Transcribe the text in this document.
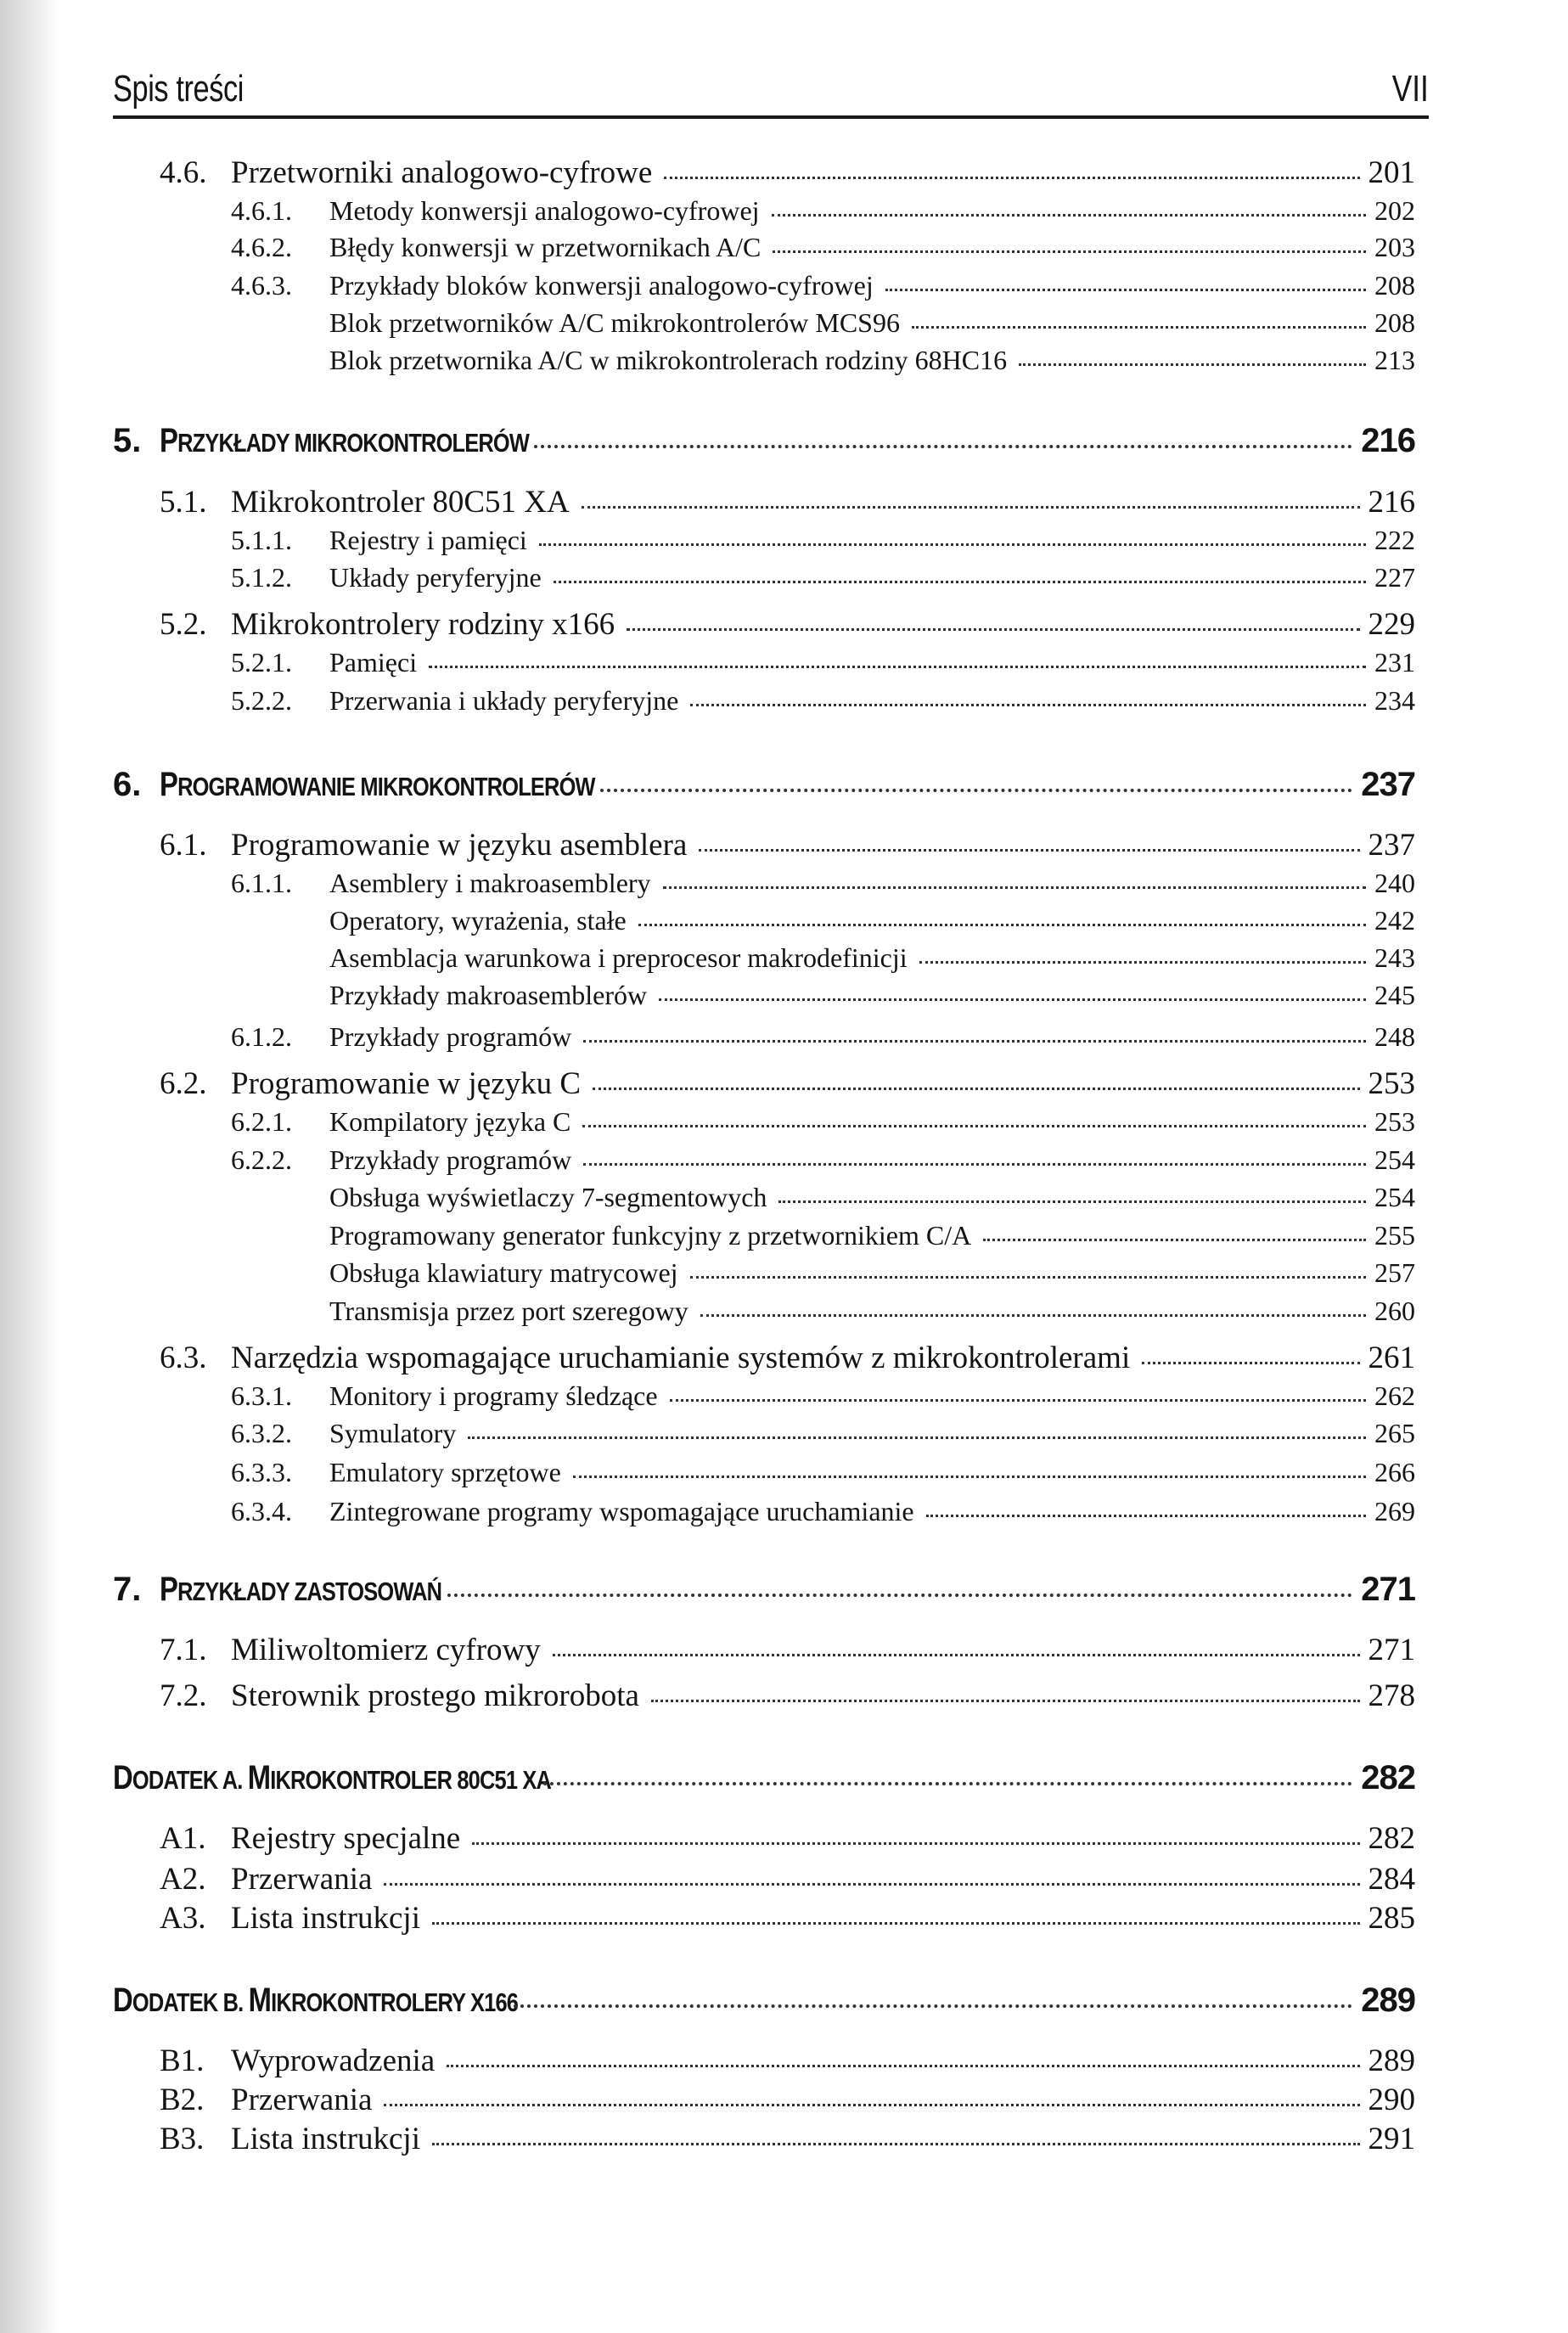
Spis treści	VII
4.6. Przetworniki analogowo-cyfrowe	201
4.6.1.	Metody konwersji analogowo-cyfrowej	202
4.6.2.	Błędy konwersji w przetwornikach A/C	203
4.6.3.	Przykłady bloków konwersji analogowo-cyfrowej	208
Blok przetworników A/C mikrokontrolerów MCS96	208
Blok przetwornika A/C w mikrokontrolerach rodziny 68HC16	213
5. PRZYKŁADY MIKROKONTROLERÓW	216
5.1. Mikrokontroler 80C51 XA	216
5.1.1.	Rejestry i pamięci	222
5.1.2.	Układy peryferyjne	227
5.2. Mikrokontrolery rodziny x166	229
5.2.1.	Pamięci	231
5.2.2.	Przerwania i układy peryferyjne	234
6. PROGRAMOWANIE MIKROKONTROLERÓW	237
6.1. Programowanie w języku asemblera	237
6.1.1.	Asemblery i makroasemblery	240
Operatory, wyrażenia, stałe	242
Asemblacja warunkowa i preprocesor makrodefinicji	243
Przykłady makroasemblerów	245
6.1.2.	Przykłady programów	248
6.2. Programowanie w języku C	253
6.2.1.	Kompilatory języka C	253
6.2.2.	Przykłady programów	254
Obsługa wyświetlaczy 7-segmentowych	254
Programowany generator funkcyjny z przetwornikiem C/A	255
Obsługa klawiatury matrycowej	257
Transmisja przez port szeregowy	260
6.3. Narzędzia wspomagające uruchamianie systemów z mikrokontrolerami	261
6.3.1.	Monitory i programy śledzące	262
6.3.2.	Symulatory	265
6.3.3.	Emulatory sprzętowe	266
6.3.4.	Zintegrowane programy wspomagające uruchamianie	269
7. PRZYKŁADY ZASTOSOWAŃ	271
7.1. Miliwoltomierz cyfrowy	271
7.2. Sterownik prostego mikrorobota	278
DODATEK A. MIKROKONTROLER 80C51 XA	282
A1. Rejestry specjalne	282
A2. Przerwania	284
A3. Lista instrukcji	285
DODATEK B. MIKROKONTROLERY X166	289
B1. Wyprowadzenia	289
B2. Przerwania	290
B3. Lista instrukcji	291
